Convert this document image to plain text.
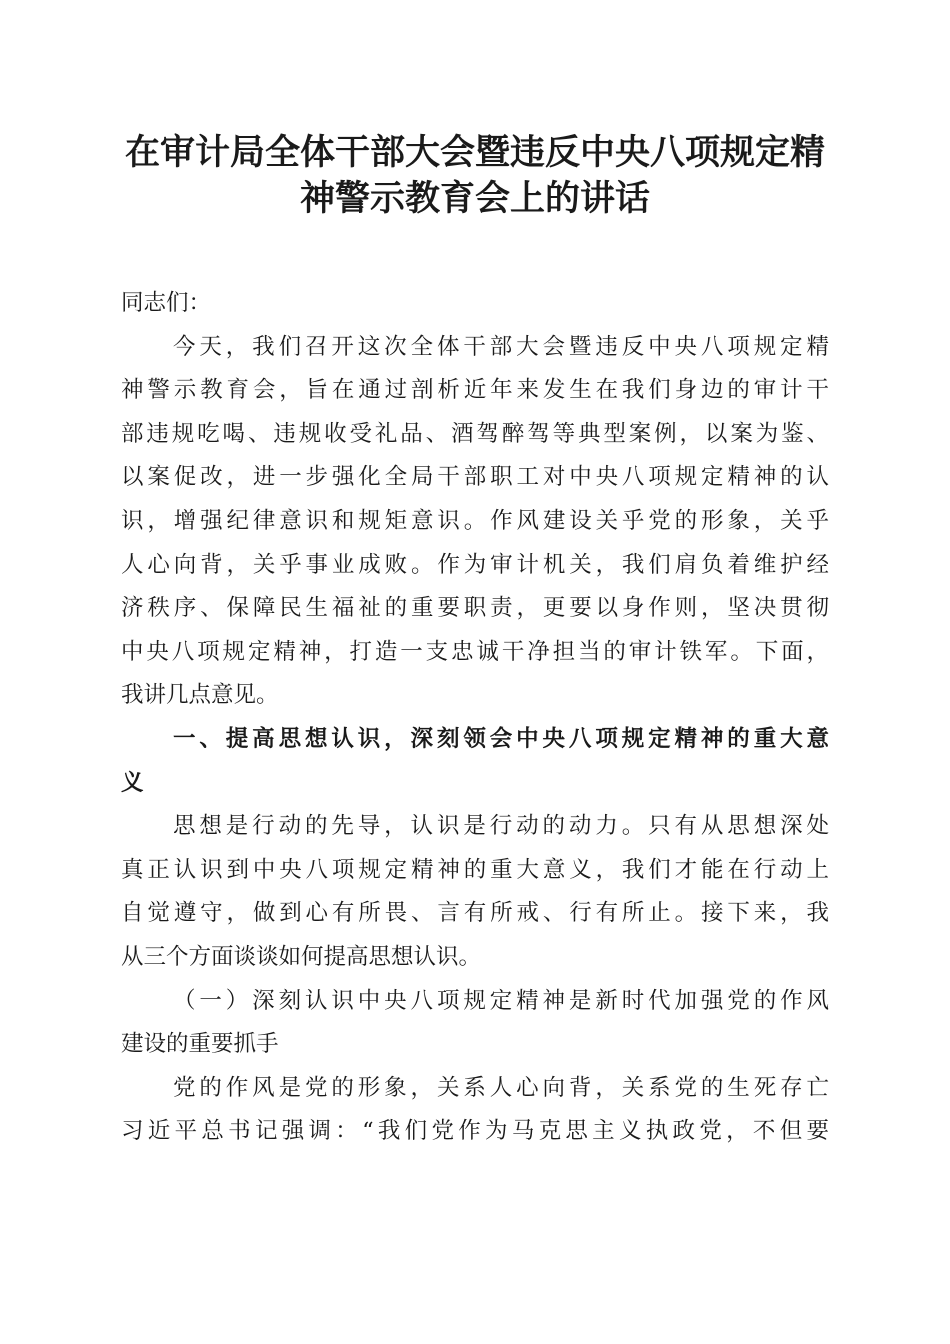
在审计局全体干部大会暨违反中央八项规定精
神警示教育会上的讲话
同志们：
今天，我们召开这次全体干部大会暨违反中央八项规定精
神警示教育会，旨在通过剖析近年来发生在我们身边的审计干
部违规吃喝、违规收受礼品、酒驾醉驾等典型案例，以案为鉴、
以案促改，进一步强化全局干部职工对中央八项规定精神的认
识，增强纪律意识和规矩意识。作风建设关乎党的形象，关乎
人心向背，关乎事业成败。作为审计机关，我们肩负着维护经
济秩序、保障民生福祉的重要职责，更要以身作则，坚决贯彻
中央八项规定精神，打造一支忠诚干净担当的审计铁军。下面，
我讲几点意见。
一、提高思想认识，深刻领会中央八项规定精神的重大意
义
思想是行动的先导，认识是行动的动力。只有从思想深处
真正认识到中央八项规定精神的重大意义，我们才能在行动上
自觉遵守，做到心有所畏、言有所戒、行有所止。接下来，我
从三个方面谈谈如何提高思想认识。
（一）深刻认识中央八项规定精神是新时代加强党的作风
建设的重要抓手
党的作风是党的形象，关系人心向背，关系党的生死存亡
习近平总书记强调：“我们党作为马克思主义执政党，不但要
